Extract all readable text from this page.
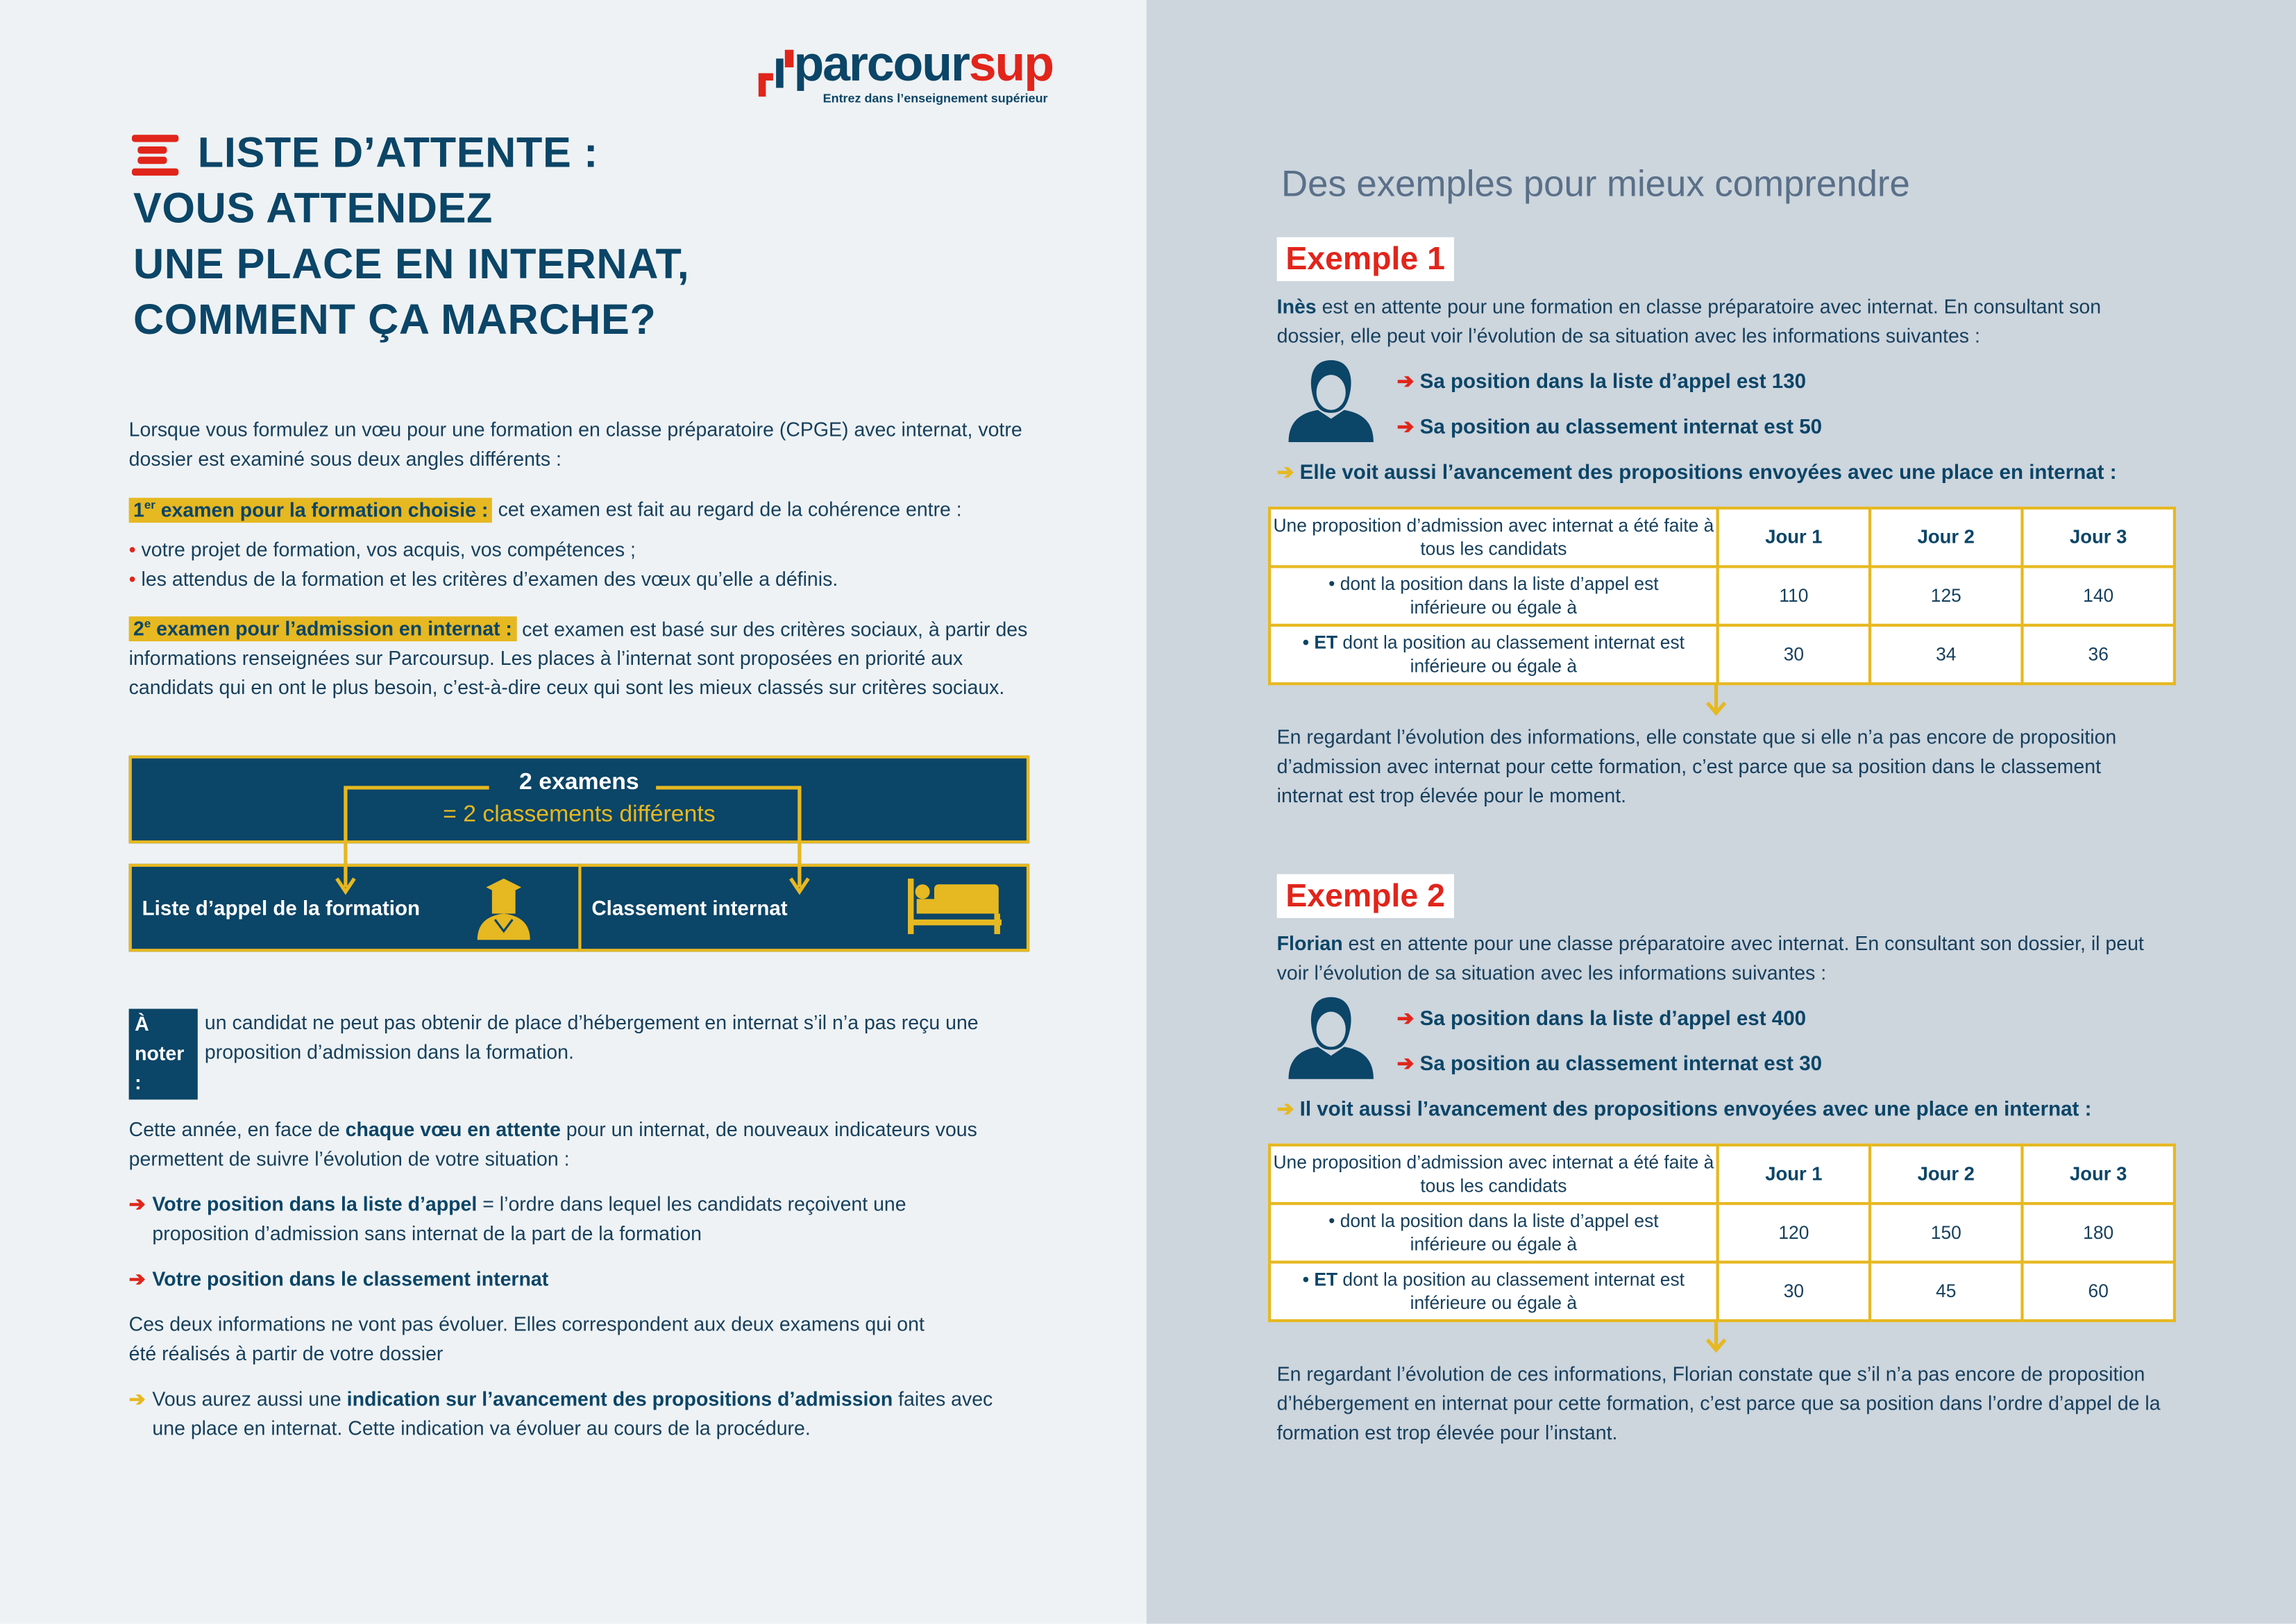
parcoursup
Entrez dans l’enseignement supérieur
LISTE D’ATTENTE :
VOUS ATTENDEZ
UNE PLACE EN INTERNAT,
COMMENT ÇA MARCHE?
Lorsque vous formulez un vœu pour une formation en classe préparatoire (CPGE) avec internat, votre dossier est examiné sous deux angles différents :
1er examen pour la formation choisie : cet examen est fait au regard de la cohérence entre :
• votre projet de formation, vos acquis, vos compétences ;
• les attendus de la formation et les critères d’examen des vœux qu’elle a définis.
2e examen pour l’admission en internat : cet examen est basé sur des critères sociaux, à partir des informations renseignées sur Parcoursup. Les places à l’internat sont proposées en priorité aux candidats qui en ont le plus besoin, c’est-à-dire ceux qui sont les mieux classés sur critères sociaux.
2 examens
= 2 classements différents
Liste d’appel de la formation	Classement internat
À noter :
un candidat ne peut pas obtenir de place d’hébergement en internat s’il n’a pas reçu une proposition d’admission dans la formation.
Cette année, en face de chaque vœu en attente pour un internat, de nouveaux indicateurs vous permettent de suivre l’évolution de votre situation :
➔ Votre position dans la liste d’appel = l’ordre dans lequel les candidats reçoivent une proposition d’admission sans internat de la part de la formation
➔ Votre position dans le classement internat
Ces deux informations ne vont pas évoluer. Elles correspondent aux deux examens qui ont été réalisés à partir de votre dossier
➔ Vous aurez aussi une indication sur l’avancement des propositions d’admission faites avec une place en internat. Cette indication va évoluer au cours de la procédure.
Des exemples pour mieux comprendre
Exemple 1
Inès est en attente pour une formation en classe préparatoire avec internat. En consultant son dossier, elle peut voir l’évolution de sa situation avec les informations suivantes :
➔ Sa position dans la liste d’appel est 130
➔ Sa position au classement internat est 50
➔ Elle voit aussi l’avancement des propositions envoyées avec une place en internat :
Une proposition d’admission avec internat a été faite à tous les candidats	Jour 1	Jour 2	Jour 3
• dont la position dans la liste d’appel est inférieure ou égale à	110	125	140
• ET dont la position au classement internat est inférieure ou égale à	30	34	36
En regardant l’évolution des informations, elle constate que si elle n’a pas encore de proposition d’admission avec internat pour cette formation, c’est parce que sa position dans le classement internat est trop élevée pour le moment.
Exemple 2
Florian est en attente pour une classe préparatoire avec internat. En consultant son dossier, il peut voir l’évolution de sa situation avec les informations suivantes :
➔ Sa position dans la liste d’appel est 400
➔ Sa position au classement internat est 30
➔ Il voit aussi l’avancement des propositions envoyées avec une place en internat :
Une proposition d’admission avec internat a été faite à tous les candidats	Jour 1	Jour 2	Jour 3
• dont la position dans la liste d’appel est inférieure ou égale à	120	150	180
• ET dont la position au classement internat est inférieure ou égale à	30	45	60
En regardant l’évolution de ces informations, Florian constate que s’il n’a pas encore de proposition d’hébergement en internat pour cette formation, c’est parce que sa position dans l’ordre d’appel de la formation est trop élevée pour l’instant.
